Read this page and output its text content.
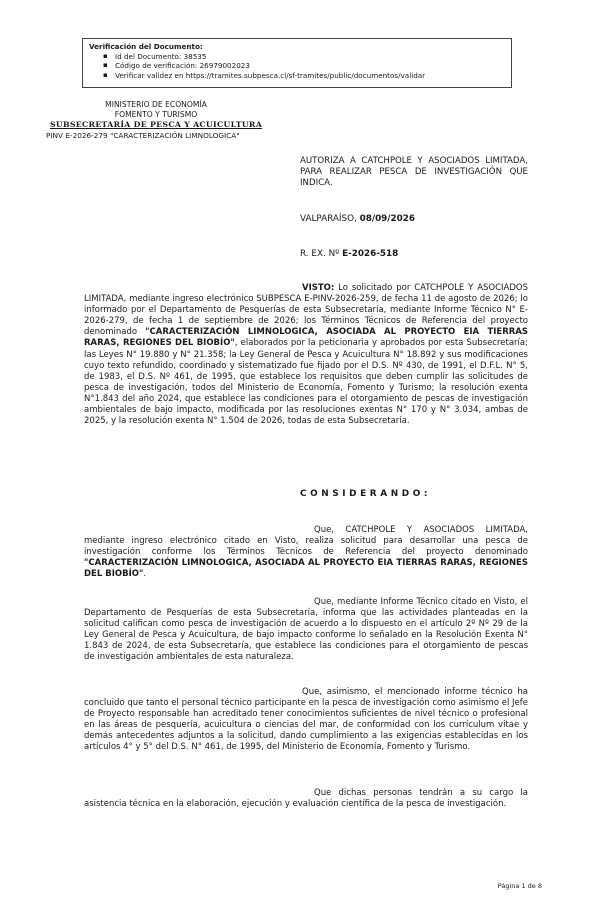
Verificación del Documento:
▪ Id del Documento: 38535
▪ Código de verificación: 26979002023
▪ Verificar validez en https://tramites.subpesca.cl/sf-tramites/public/documentos/validar
MINISTERIO DE ECONOMÍA
FOMENTO Y TURISMO
SUBSECRETARÍA DE PESCA Y ACUICULTURA
PINV E-2026-279 "CARACTERIZACIÓN LIMNOLOGICA"
AUTORIZA A CATCHPOLE Y ASOCIADOS LIMITADA, PARA REALIZAR PESCA DE INVESTIGACIÓN QUE INDICA.
VALPARAÍSO, 08/09/2026
R. EX. Nº E-2026-518
VISTO: Lo solicitado por CATCHPOLE Y ASOCIADOS LIMITADA, mediante ingreso electrónico SUBPESCA E-PINV-2026-259, de fecha 11 de agosto de 2026; lo informado por el Departamento de Pesquerías de esta Subsecretaría, mediante Informe Técnico N° E-2026-279, de fecha 1 de septiembre de 2026; los Términos Técnicos de Referencia del proyecto denominado "CARACTERIZACIÓN LIMNOLOGICA, ASOCIADA AL PROYECTO EIA TIERRAS RARAS, REGIONES DEL BIOBÍO", elaborados por la peticionaria y aprobados por esta Subsecretaría; las Leyes N° 19.880 y N° 21.358; la Ley General de Pesca y Acuicultura N° 18.892 y sus modificaciones cuyo texto refundido, coordinado y sistematizado fue fijado por el D.S. Nº 430, de 1991, el D.F.L. N° 5, de 1983, el D.S. Nº 461, de 1995, que establece los requisitos que deben cumplir las solicitudes de pesca de investigación, todos del Ministerio de Economía, Fomento y Turismo; la resolución exenta N°1.843 del año 2024, que establece las condiciones para el otorgamiento de pescas de investigación ambientales de bajo impacto, modificada por las resoluciones exentas N° 170 y N° 3.034, ambas de 2025, y la resolución exenta N° 1.504 de 2026, todas de esta Subsecretaría.
CONSIDERANDO:
Que, CATCHPOLE Y ASOCIADOS LIMITADA, mediante ingreso electrónico citado en Visto, realiza solicitud para desarrollar una pesca de investigación conforme los Términos Técnicos de Referencia del proyecto denominado "CARACTERIZACIÓN LIMNOLOGICA, ASOCIADA AL PROYECTO EIA TIERRAS RARAS, REGIONES DEL BIOBÍO".
Que, mediante Informe Técnico citado en Visto, el Departamento de Pesquerías de esta Subsecretaría, informa que las actividades planteadas en la solicitud califican como pesca de investigación de acuerdo a lo dispuesto en el artículo 2º Nº 29 de la Ley General de Pesca y Acuicultura, de bajo impacto conforme lo señalado en la Resolución Exenta N° 1.843 de 2024, de esta Subsecretaría, que establece las condiciones para el otorgamiento de pescas de investigación ambientales de esta naturaleza.
Que, asimismo, el mencionado informe técnico ha concluido que tanto el personal técnico participante en la pesca de investigación como asimismo el Jefe de Proyecto responsable han acreditado tener conocimientos suficientes de nivel técnico o profesional en las áreas de pesquería, acuicultura o ciencias del mar, de conformidad con los currículum vitae y demás antecedentes adjuntos a la solicitud, dando cumplimiento a las exigencias establecidas en los artículos 4° y 5° del D.S. N° 461, de 1995, del Ministerio de Economía, Fomento y Turismo.
Que dichas personas tendrán a su cargo la asistencia técnica en la elaboración, ejecución y evaluación científica de la pesca de investigación.
Página 1 de 8
